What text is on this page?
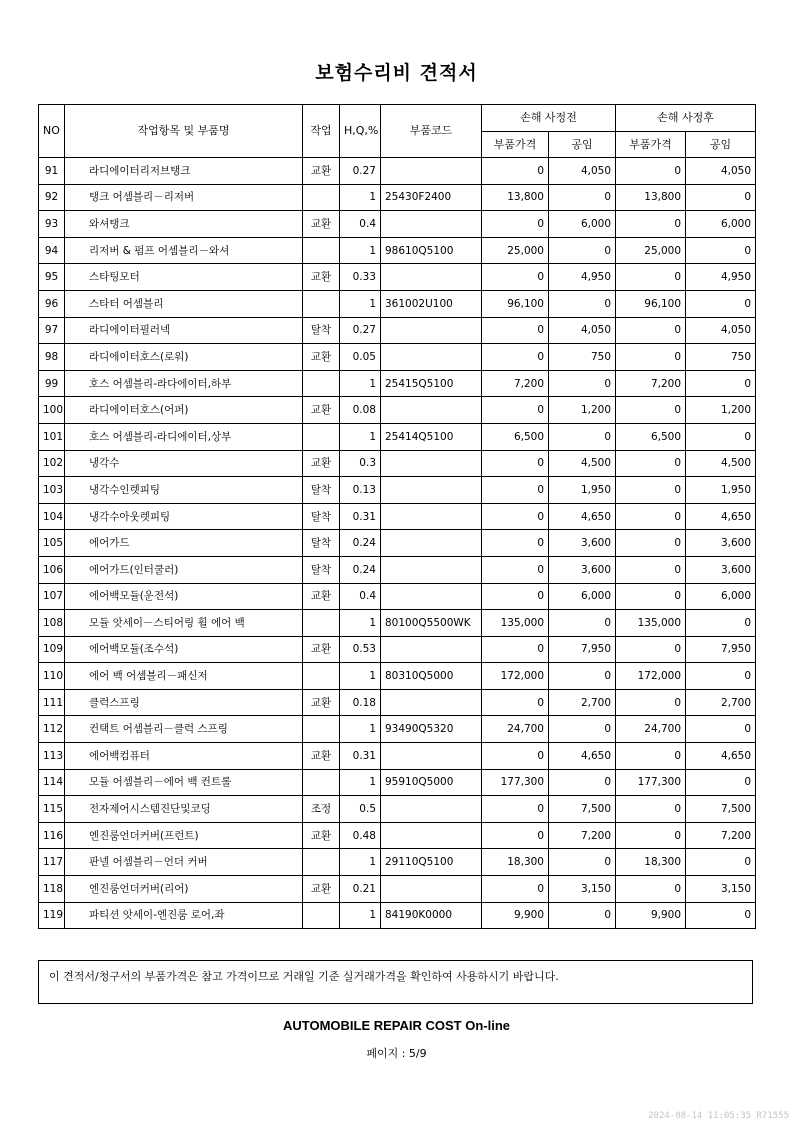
보험수리비 견적서
NO	작업항목 및 부품명	작업	H,Q,%	부품코드	손해 사정전		손해 사정후	
					부품가격	공임	부품가격	공임
91	라디에이터리저브탱크	교환	0.27		0	4,050	0	4,050
92	탱크 어셈블리－리저버		1	25430F2400	13,800	0	13,800	0
93	와셔탱크	교환	0.4		0	6,000	0	6,000
94	리저버 & 펌프 어셈블리－와셔		1	98610Q5100	25,000	0	25,000	0
95	스타팅모터	교환	0.33		0	4,950	0	4,950
96	스타터 어셈블리		1	361002U100	96,100	0	96,100	0
97	라디에이터필러넥	탈착	0.27		0	4,050	0	4,050
98	라디에이터호스(로워)	교환	0.05		0	750	0	750
99	호스 어셈블리-라다에이터,하부		1	25415Q5100	7,200	0	7,200	0
100	라디에이터호스(어퍼)	교환	0.08		0	1,200	0	1,200
101	호스 어셈블리-라디에이터,상부		1	25414Q5100	6,500	0	6,500	0
102	냉각수	교환	0.3		0	4,500	0	4,500
103	냉각수인렛피팅	탈착	0.13		0	1,950	0	1,950
104	냉각수아웃렛피팅	탈착	0.31		0	4,650	0	4,650
105	에어가드	탈착	0.24		0	3,600	0	3,600
106	에어가드(인터쿨러)	탈착	0.24		0	3,600	0	3,600
107	에어백모듈(운전석)	교환	0.4		0	6,000	0	6,000
108	모듈 앗세이－스티어링 휠 에어 백		1	80100Q5500WK	135,000	0	135,000	0
109	에어백모듈(조수석)	교환	0.53		0	7,950	0	7,950
110	에어 백 어셈블리－패신저		1	80310Q5000	172,000	0	172,000	0
111	클럭스프링	교환	0.18		0	2,700	0	2,700
112	컨택트 어셈블리－클럭 스프링		1	93490Q5320	24,700	0	24,700	0
113	에어백컴퓨터	교환	0.31		0	4,650	0	4,650
114	모듈 어셈블리－에어 백 컨트롤		1	95910Q5000	177,300	0	177,300	0
115	전자제어시스템진단및코딩	조정	0.5		0	7,500	0	7,500
116	엔진룸언더커버(프런트)	교환	0.48		0	7,200	0	7,200
117	판넬 어셈블리－언더 커버		1	29110Q5100	18,300	0	18,300	0
118	엔진룸언더커버(리어)	교환	0.21		0	3,150	0	3,150
119	파티션 앗세이-엔진룸 로어,좌		1	84190K0000	9,900	0	9,900	0
이 견적서/청구서의 부품가격은 참고 가격이므로 거래일 기준 실거래가격을 확인하여 사용하시기 바랍니다.
AUTOMOBILE REPAIR COST On-line
페이지 : 5/9
2024-08-14 11:05:35 R71555
